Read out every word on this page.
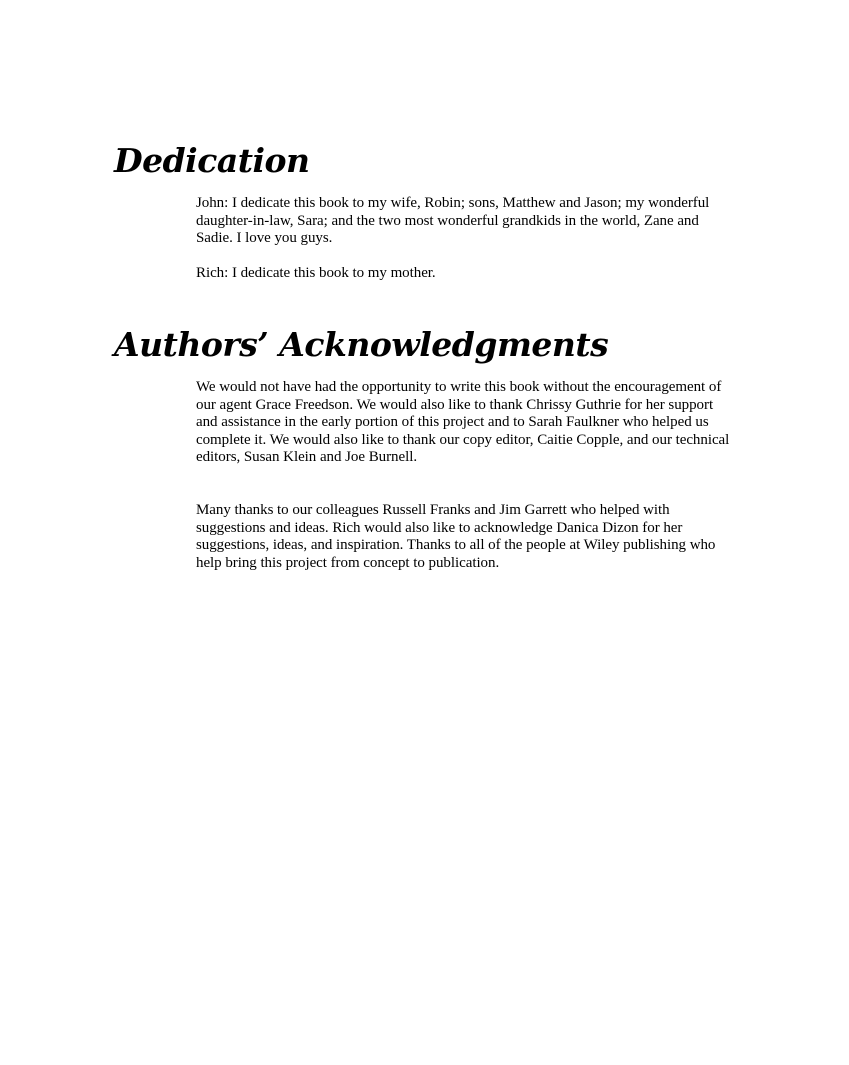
Dedication

John: I dedicate this book to my wife, Robin; sons, Matthew and Jason; my wonderful daughter-in-law, Sara; and the two most wonderful grandkids in the world, Zane and Sadie. I love you guys.

Rich: I dedicate this book to my mother.

Authors’ Acknowledgments

We would not have had the opportunity to write this book without the encouragement of our agent Grace Freedson. We would also like to thank Chrissy Guthrie for her support and assistance in the early portion of this project and to Sarah Faulkner who helped us complete it. We would also like to thank our copy editor, Caitie Copple, and our technical editors, Susan Klein and Joe Burnell.

Many thanks to our colleagues Russell Franks and Jim Garrett who helped with suggestions and ideas. Rich would also like to acknowledge Danica Dizon for her suggestions, ideas, and inspiration. Thanks to all of the people at Wiley publishing who help bring this project from concept to publication.
